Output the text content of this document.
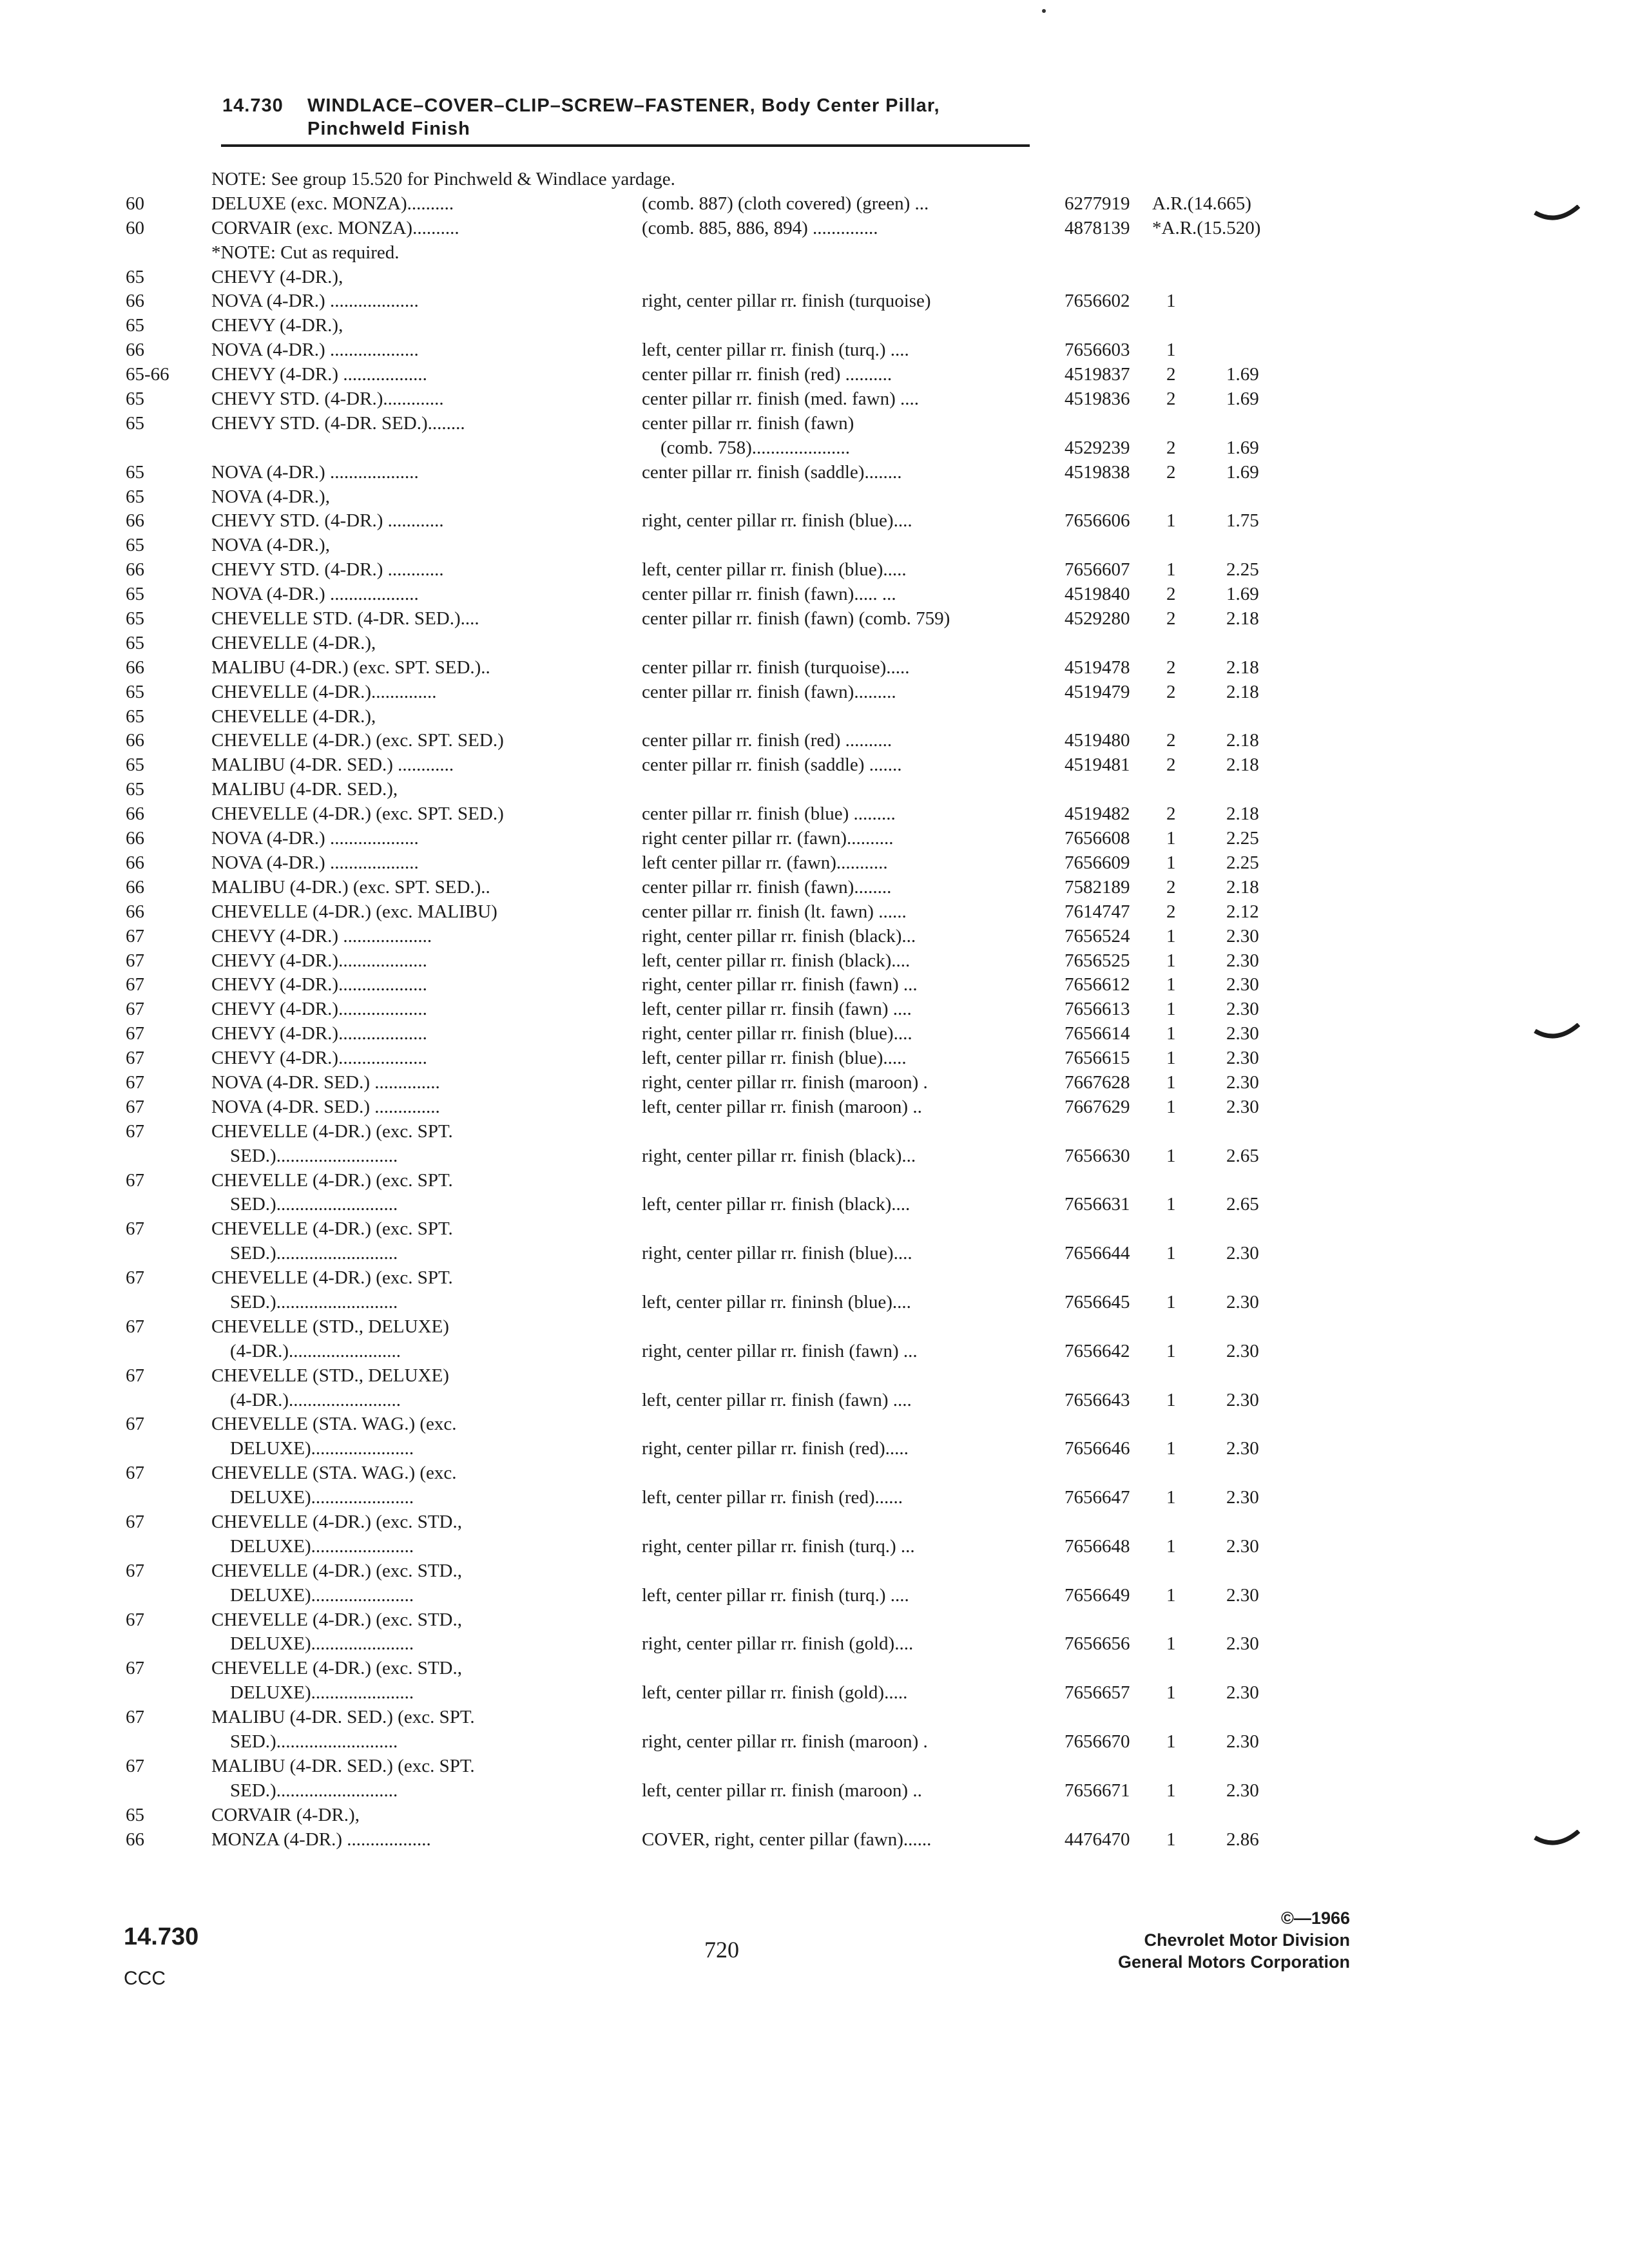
14.730 WINDLACE–COVER–CLIP–SCREW–FASTENER, Body Center Pillar,
Pinchweld Finish
NOTE: See group 15.520 for Pinchweld & Windlace yardage.
60	DELUXE (exc. MONZA)..........	(comb. 887) (cloth covered) (green) ...	6277919 A.R.(14.665)
60	CORVAIR (exc. MONZA)..........	(comb. 885, 886, 894) ..............	4878139 *A.R.(15.520)
*NOTE: Cut as required.
65	CHEVY (4-DR.),
66	NOVA (4-DR.) ...................	right, center pillar rr. finish (turquoise)	7656602 1
65	CHEVY (4-DR.),
66	NOVA (4-DR.) ...................	left, center pillar rr. finish (turq.) ....	7656603 1
65-66	CHEVY (4-DR.) ..................	center pillar rr. finish (red) ..........	4519837 2	1.69
65	CHEVY STD. (4-DR.).............	center pillar rr. finish (med. fawn) ....	4519836 2	1.69
65	CHEVY STD. (4-DR. SED.)........	center pillar rr. finish (fawn)
(comb. 758).....................	4529239 2	1.69
65	NOVA (4-DR.) ...................	center pillar rr. finish (saddle)........	4519838 2	1.69
65	NOVA (4-DR.),
66	CHEVY STD. (4-DR.) ............	right, center pillar rr. finish (blue)....	7656606 1	1.75
65	NOVA (4-DR.),
66	CHEVY STD. (4-DR.) ............	left, center pillar rr. finish (blue).....	7656607 1	2.25
65	NOVA (4-DR.) ...................	center pillar rr. finish (fawn)..... ...	4519840 2	1.69
65	CHEVELLE STD. (4-DR. SED.)....	center pillar rr. finish (fawn) (comb. 759)	4529280 2	2.18
65	CHEVELLE (4-DR.),
66	MALIBU (4-DR.) (exc. SPT. SED.)..	center pillar rr. finish (turquoise).....	4519478 2	2.18
65	CHEVELLE (4-DR.)..............	center pillar rr. finish (fawn).........	4519479 2	2.18
65	CHEVELLE (4-DR.),
66	CHEVELLE (4-DR.) (exc. SPT. SED.)	center pillar rr. finish (red) ..........	4519480 2	2.18
65	MALIBU (4-DR. SED.) ............	center pillar rr. finish (saddle) .......	4519481 2	2.18
65	MALIBU (4-DR. SED.),
66	CHEVELLE (4-DR.) (exc. SPT. SED.)	center pillar rr. finish (blue) .........	4519482 2	2.18
66	NOVA (4-DR.) ...................	right center pillar rr. (fawn)..........	7656608 1	2.25
66	NOVA (4-DR.) ...................	left center pillar rr. (fawn)...........	7656609 1	2.25
66	MALIBU (4-DR.) (exc. SPT. SED.)..	center pillar rr. finish (fawn)........	7582189 2	2.18
66	CHEVELLE (4-DR.) (exc. MALIBU)	center pillar rr. finish (lt. fawn) ......	7614747 2	2.12
67	CHEVY (4-DR.) ...................	right, center pillar rr. finish (black)...	7656524 1	2.30
67	CHEVY (4-DR.)...................	left, center pillar rr. finish (black)....	7656525 1	2.30
67	CHEVY (4-DR.)...................	right, center pillar rr. finish (fawn) ...	7656612 1	2.30
67	CHEVY (4-DR.)...................	left, center pillar rr. finsih (fawn) ....	7656613 1	2.30
67	CHEVY (4-DR.)...................	right, center pillar rr. finish (blue)....	7656614 1	2.30
67	CHEVY (4-DR.)...................	left, center pillar rr. finish (blue).....	7656615 1	2.30
67	NOVA (4-DR. SED.) ..............	right, center pillar rr. finish (maroon) .	7667628 1	2.30
67	NOVA (4-DR. SED.) ..............	left, center pillar rr. finish (maroon) ..	7667629 1	2.30
67	CHEVELLE (4-DR.) (exc. SPT.
SED.)..........................	right, center pillar rr. finish (black)...	7656630 1	2.65
67	CHEVELLE (4-DR.) (exc. SPT.
SED.)..........................	left, center pillar rr. finish (black)....	7656631 1	2.65
67	CHEVELLE (4-DR.) (exc. SPT.
SED.)..........................	right, center pillar rr. finish (blue)....	7656644 1	2.30
67	CHEVELLE (4-DR.) (exc. SPT.
SED.)..........................	left, center pillar rr. fininsh (blue)....	7656645 1	2.30
67	CHEVELLE (STD., DELUXE)
(4-DR.)........................	right, center pillar rr. finish (fawn) ...	7656642 1	2.30
67	CHEVELLE (STD., DELUXE)
(4-DR.)........................	left, center pillar rr. finish (fawn) ....	7656643 1	2.30
67	CHEVELLE (STA. WAG.) (exc.
DELUXE)......................	right, center pillar rr. finish (red).....	7656646 1	2.30
67	CHEVELLE (STA. WAG.) (exc.
DELUXE)......................	left, center pillar rr. finish (red)......	7656647 1	2.30
67	CHEVELLE (4-DR.) (exc. STD.,
DELUXE)......................	right, center pillar rr. finish (turq.) ...	7656648 1	2.30
67	CHEVELLE (4-DR.) (exc. STD.,
DELUXE)......................	left, center pillar rr. finish (turq.) ....	7656649 1	2.30
67	CHEVELLE (4-DR.) (exc. STD.,
DELUXE)......................	right, center pillar rr. finish (gold)....	7656656 1	2.30
67	CHEVELLE (4-DR.) (exc. STD.,
DELUXE)......................	left, center pillar rr. finish (gold).....	7656657 1	2.30
67	MALIBU (4-DR. SED.) (exc. SPT.
SED.)..........................	right, center pillar rr. finish (maroon) .	7656670 1	2.30
67	MALIBU (4-DR. SED.) (exc. SPT.
SED.)..........................	left, center pillar rr. finish (maroon) ..	7656671 1	2.30
65	CORVAIR (4-DR.),
66	MONZA (4-DR.) ..................	COVER, right, center pillar (fawn)......	4476470 1	2.86
14.730
CCC
720
©—1966
Chevrolet Motor Division
General Motors Corporation
